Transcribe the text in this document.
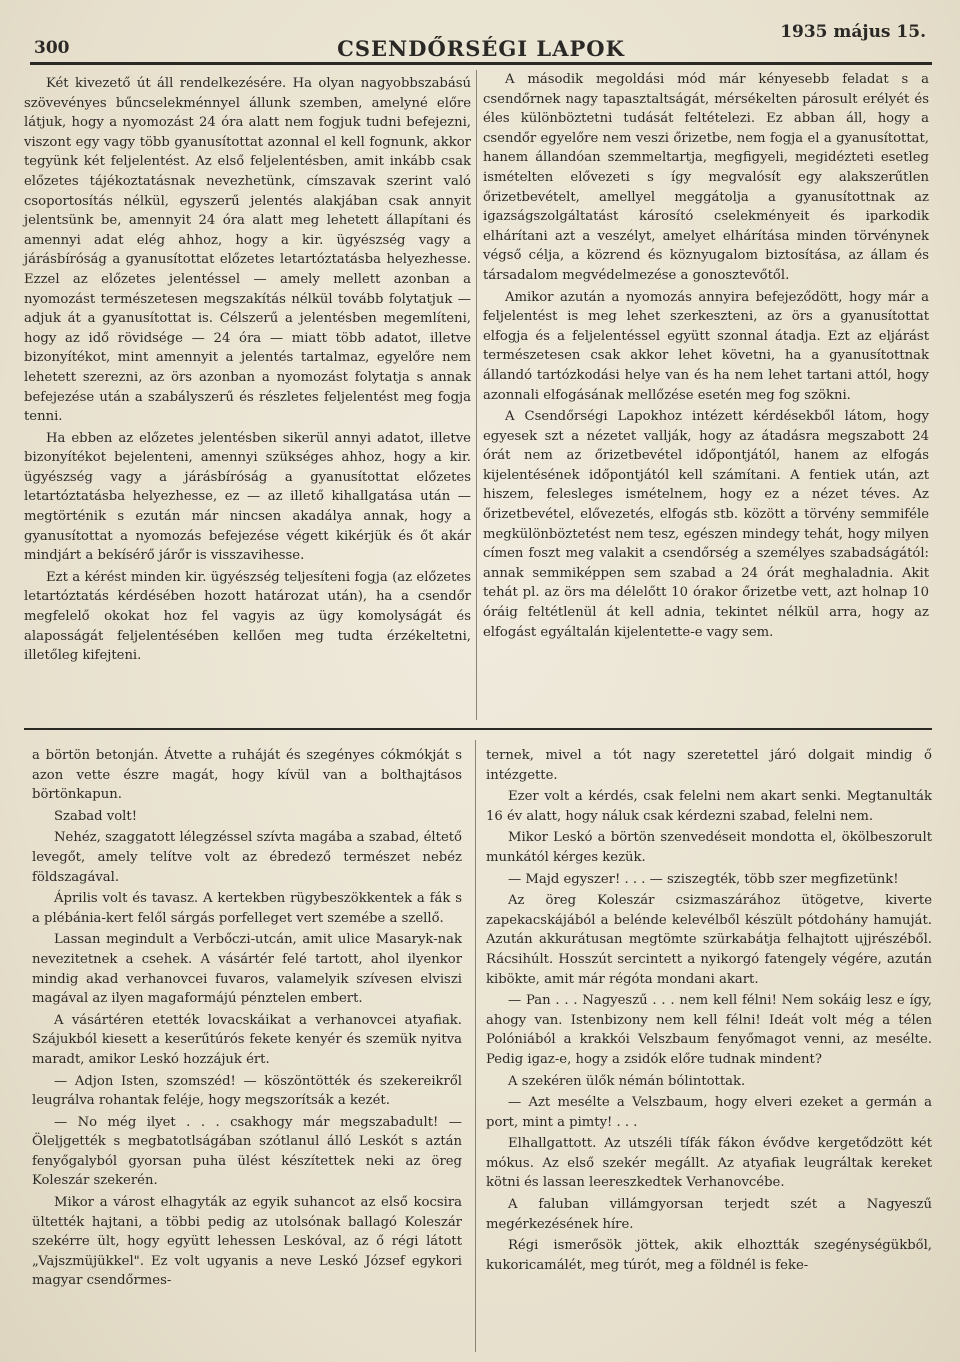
300	CSENDŐRSÉGI LAPOK
1935 május 15.

Két kivezető út áll rendelkezésére. Ha olyan nagyobbszabású szövevényes bűncselekménnyel állunk szemben, amelyné előre látjuk, hogy a nyomozást 24 óra alatt nem fogjuk tudni befejezni, viszont egy vagy több gyanusítottat azonnal el kell fognunk, akkor tegyünk két feljelentést. Az első feljelentésben, amit inkább csak előzetes tájékoztatásnak nevezhetünk, címszavak szerint való csoportosítás nélkül, egyszerű jelentés alakjában csak annyit jelentsünk be, amennyit 24 óra alatt meg lehetett állapítani és amennyi adat elég ahhoz, hogy a kir. ügyészség vagy a járásbíróság a gyanusítottat előzetes letartóztatásba helyezhesse. Ezzel az előzetes jelentéssel — amely mellett azonban a nyomozást természetesen megszakítás nélkül tovább folytatjuk — adjuk át a gyanusítottat is. Célszerű a jelentésben megemlíteni, hogy az idő rövidsége — 24 óra — miatt több adatot, illetve bizonyítékot, mint amennyit a jelentés tartalmaz, egyelőre nem lehetett szerezni, az örs azonban a nyomozást folytatja s annak befejezése után a szabályszerű és részletes feljelentést meg fogja tenni.

Ha ebben az előzetes jelentésben sikerül annyi adatot, illetve bizonyítékot bejelenteni, amennyi szükséges ahhoz, hogy a kir. ügyészség vagy a járásbíróság a gyanusítottat előzetes letartóztatásba helyezhesse, ez — az illető kihallgatása után — megtörténik s ezután már nincsen akadálya annak, hogy a gyanusítottat a nyomozás befejezése végett kikérjük és őt akár mindjárt a bekísérő járőr is visszavihesse.

Ezt a kérést minden kir. ügyészség teljesíteni fogja (az előzetes letartóztatás kérdésében hozott határozat után), ha a csendőr megfelelő okokat hoz fel vagyis az ügy komolyságát és alaposságát feljelentésében kellően meg tudta érzékeltetni, illetőleg kifejteni.

A második megoldási mód már kényesebb feladat s a csendőrnek nagy tapasztaltságát, mérsékelten párosult erélyét és éles különböztetni tudását feltételezi. Ez abban áll, hogy a csendőr egyelőre nem veszi őrizetbe, nem fogja el a gyanusítottat, hanem állandóan szemmeltartja, megfigyeli, megidézteti esetleg ismételten elővezeti s így megvalósít egy alakszerűtlen őrizetbevételt, amellyel meggátolja a gyanusítottnak az igazságszolgáltatást károsító cselekményeit és iparkodik elhárítani azt a veszélyt, amelyet elhárítása minden törvénynek végső célja, a közrend és köznyugalom biztosítása, az állam és társadalom megvédelmezése a gonosztevőtől.

Amikor azután a nyomozás annyira befejeződött, hogy már a feljelentést is meg lehet szerkeszteni, az örs a gyanusítottat elfogja és a feljelentéssel együtt szonnal átadja. Ezt az eljárást természetesen csak akkor lehet követni, ha a gyanusítottnak állandó tartózkodási helye van és ha nem lehet tartani attól, hogy azonnali elfogásának mellőzése esetén meg fog szökni.

A Csendőrségi Lapokhoz intézett kérdésekből látom, hogy egyesek szt a nézetet vallják, hogy az átadásra megszabott 24 órát nem az őrizetbevétel időpontjától, hanem az elfogás kijelentésének időpontjától kell számítani. A fentiek után, azt hiszem, felesleges ismételnem, hogy ez a nézet téves. Az őrizetbevétel, elővezetés, elfogás stb. között a törvény semmiféle megkülönböztetést nem tesz, egészen mindegy tehát, hogy milyen címen foszt meg valakit a csendőrség a személyes szabadságától: annak semmiképpen sem szabad a 24 órát meghaladnia. Akit tehát pl. az örs ma délelőtt 10 órakor őrizetbe vett, azt holnap 10 óráig feltétlenül át kell adnia, tekintet nélkül arra, hogy az elfogást egyáltalán kijelentette-e vagy sem.

a börtön betonján. Átvette a ruháját és szegényes cókmókját s azon vette észre magát, hogy kívül van a bolthajtásos börtönkapun.

Szabad volt!

Nehéz, szaggatott lélegzéssel szívta magába a szabad, éltető levegőt, amely telítve volt az ébredező természet nebéz földszagával.

Április volt és tavasz. A kertekben rügybeszökkentek a fák s a plébánia-kert felől sárgás porfelleget vert szemébe a szellő.

Lassan megindult a Verbőczi-utcán, amit ulice Masaryk-nak nevezitetnek a csehek. A vásártér felé tartott, ahol ilyenkor mindig akad verhanovcei fuvaros, valamelyik szívesen elviszi magával az ilyen magaformájú pénztelen embert.

A vásártéren etették lovacskáikat a verhanovcei atyafiak. Szájukból kiesett a keserűtúrós fekete kenyér és szemük nyitva maradt, amikor Leskó hozzájuk ért.

— Adjon Isten, szomszéd! — köszöntötték és szekereikről leugrálva rohantak feléje, hogy megszorítsák a kezét.

— No még ilyet . . . csakhogy már megszabadult! — Öleljgették s megbatotlságában szótlanul álló Leskót s aztán fenyőgalyból gyorsan puha ülést készítettek neki az öreg Koleszár szekerén.

Mikor a várost elhagyták az egyik suhancot az első kocsira ültették hajtani, a többi pedig az utolsónak ballagó Koleszár szekérre ült, hogy együtt lehessen Leskóval, az ő régi látott „Vajszmüjükkel". Ez volt ugyanis a neve Leskó József egykori magyar csendőrmes-

ternek, mivel a tót nagy szeretettel járó dolgait mindig ő intézgette.

Ezer volt a kérdés, csak felelni nem akart senki. Megtanulták 16 év alatt, hogy náluk csak kérdezni szabad, felelni nem.

Mikor Leskó a börtön szenvedéseit mondotta el, ökölbeszorult munkától kérges kezük.

— Majd egyszer! . . . — sziszegték, több szer megfizetünk!

Az öreg Koleszár csizmaszárához ütögetve, kiverte zapekacskájából a belénde kelevélből készült pótdohány hamuját. Azután akkurátusan megtömte szürkabátja felhajtott ujjrészéből. Rácsihúlt. Hosszút sercintett a nyikorgó fatengely végére, azután kibökte, amit már régóta mondani akart.

— Pan . . . Nagyeszű . . . nem kell félni! Nem sokáig lesz e így, ahogy van. Istenbizony nem kell félni! Ideát volt még a télen Polóniából a krakkói Velszbaum fenyőmagot venni, az mesélte. Pedig igaz-e, hogy a zsidók előre tudnak mindent?

A szekéren ülők némán bólintottak.

— Azt mesélte a Velszbaum, hogy elveri ezeket a germán a port, mint a pimty! . . .

Elhallgattott. Az utszéli tífák fákon évődve kergetődzött két mókus. Az első szekér megállt. Az atyafiak leugráltak kereket kötni és lassan leereszkedtek Verhanovcébe.

A faluban villámgyorsan terjedt szét a Nagyeszű megérkezésének híre.

Régi ismerősök jöttek, akik elhoztták szegénységükből, kukoricamálét, meg túrót, meg a földnél is feke-
